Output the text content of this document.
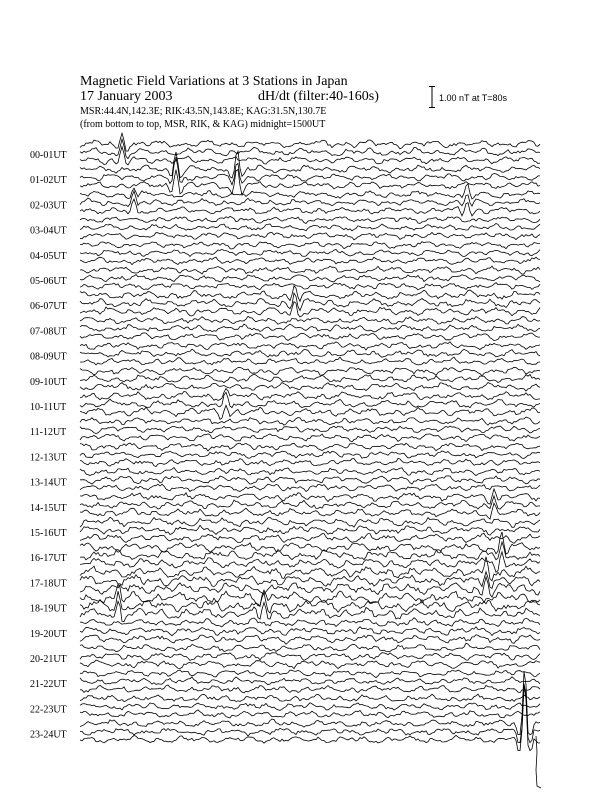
Magnetic Field Variations at 3 Stations in Japan
17 January 2003	dH/dt (filter:40-160s)
MSR:44.4N,142.3E; RIK:43.5N,143.8E; KAG:31.5N,130.7E
(from bottom to top, MSR, RIK, & KAG) midnight=1500UT
1.00 nT at T=80s
00-01UT
01-02UT
02-03UT
03-04UT
04-05UT
05-06UT
06-07UT
07-08UT
08-09UT
09-10UT
10-11UT
11-12UT
12-13UT
13-14UT
14-15UT
15-16UT
16-17UT
17-18UT
18-19UT
19-20UT
20-21UT
21-22UT
22-23UT
23-24UT
